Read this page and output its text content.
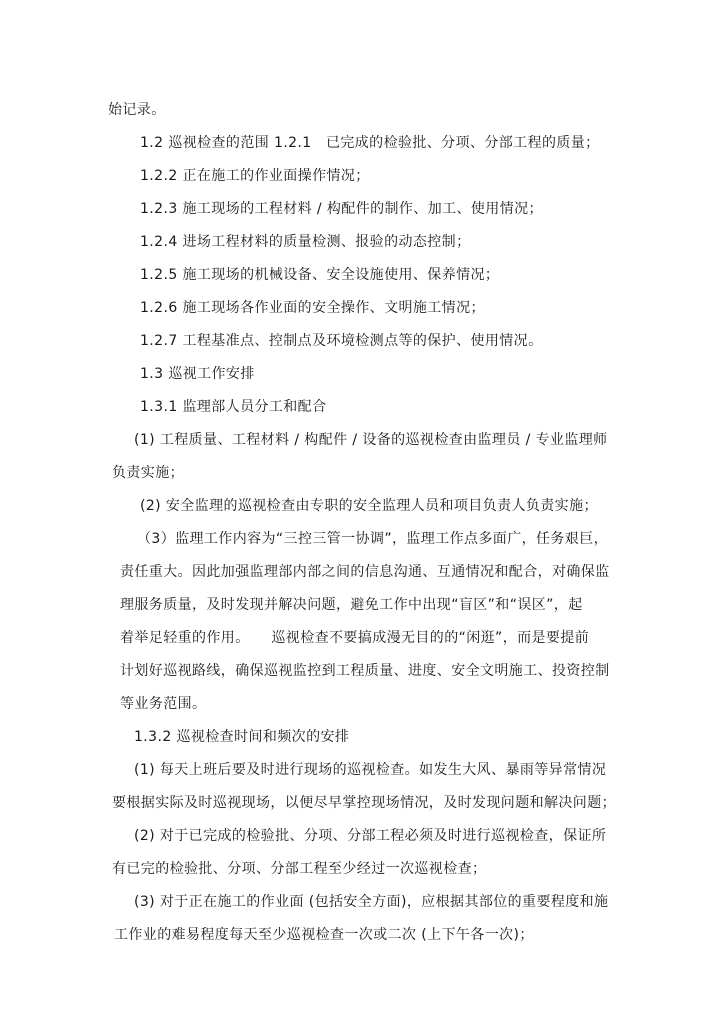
始记录。
1.2 巡视检查的范围 1.2.1　已完成的检验批、分项、分部工程的质量；
1.2.2 正在施工的作业面操作情况；
1.2.3 施工现场的工程材料 / 构配件的制作、加工、使用情况；
1.2.4 进场工程材料的质量检测、报验的动态控制；
1.2.5 施工现场的机械设备、安全设施使用、保养情况；
1.2.6 施工现场各作业面的安全操作、文明施工情况；
1.2.7 工程基准点、控制点及环境检测点等的保护、使用情况。
1.3 巡视工作安排
1.3.1 监理部人员分工和配合
(1) 工程质量、工程材料 / 构配件 / 设备的巡视检查由监理员 / 专业监理师
负责实施；
(2) 安全监理的巡视检查由专职的安全监理人员和项目负责人负责实施；
（3）监理工作内容为“三控三管一协调”，监理工作点多面广，任务艰巨，
责任重大。因此加强监理部内部之间的信息沟通、互通情况和配合，对确保监
理服务质量，及时发现并解决问题，避免工作中出现“盲区”和“误区”，起
着举足轻重的作用。　　巡视检查不要搞成漫无目的的“闲逛”，而是要提前
计划好巡视路线，确保巡视监控到工程质量、进度、安全文明施工、投资控制
等业务范围。
1.3.2 巡视检查时间和频次的安排
(1) 每天上班后要及时进行现场的巡视检查。如发生大风、暴雨等异常情况
要根据实际及时巡视现场，以便尽早掌控现场情况，及时发现问题和解决问题；
(2) 对于已完成的检验批、分项、分部工程必须及时进行巡视检查，保证所
有已完的检验批、分项、分部工程至少经过一次巡视检查；
(3) 对于正在施工的作业面 (包括安全方面)，应根据其部位的重要程度和施
工作业的难易程度每天至少巡视检查一次或二次 (上下午各一次)；
